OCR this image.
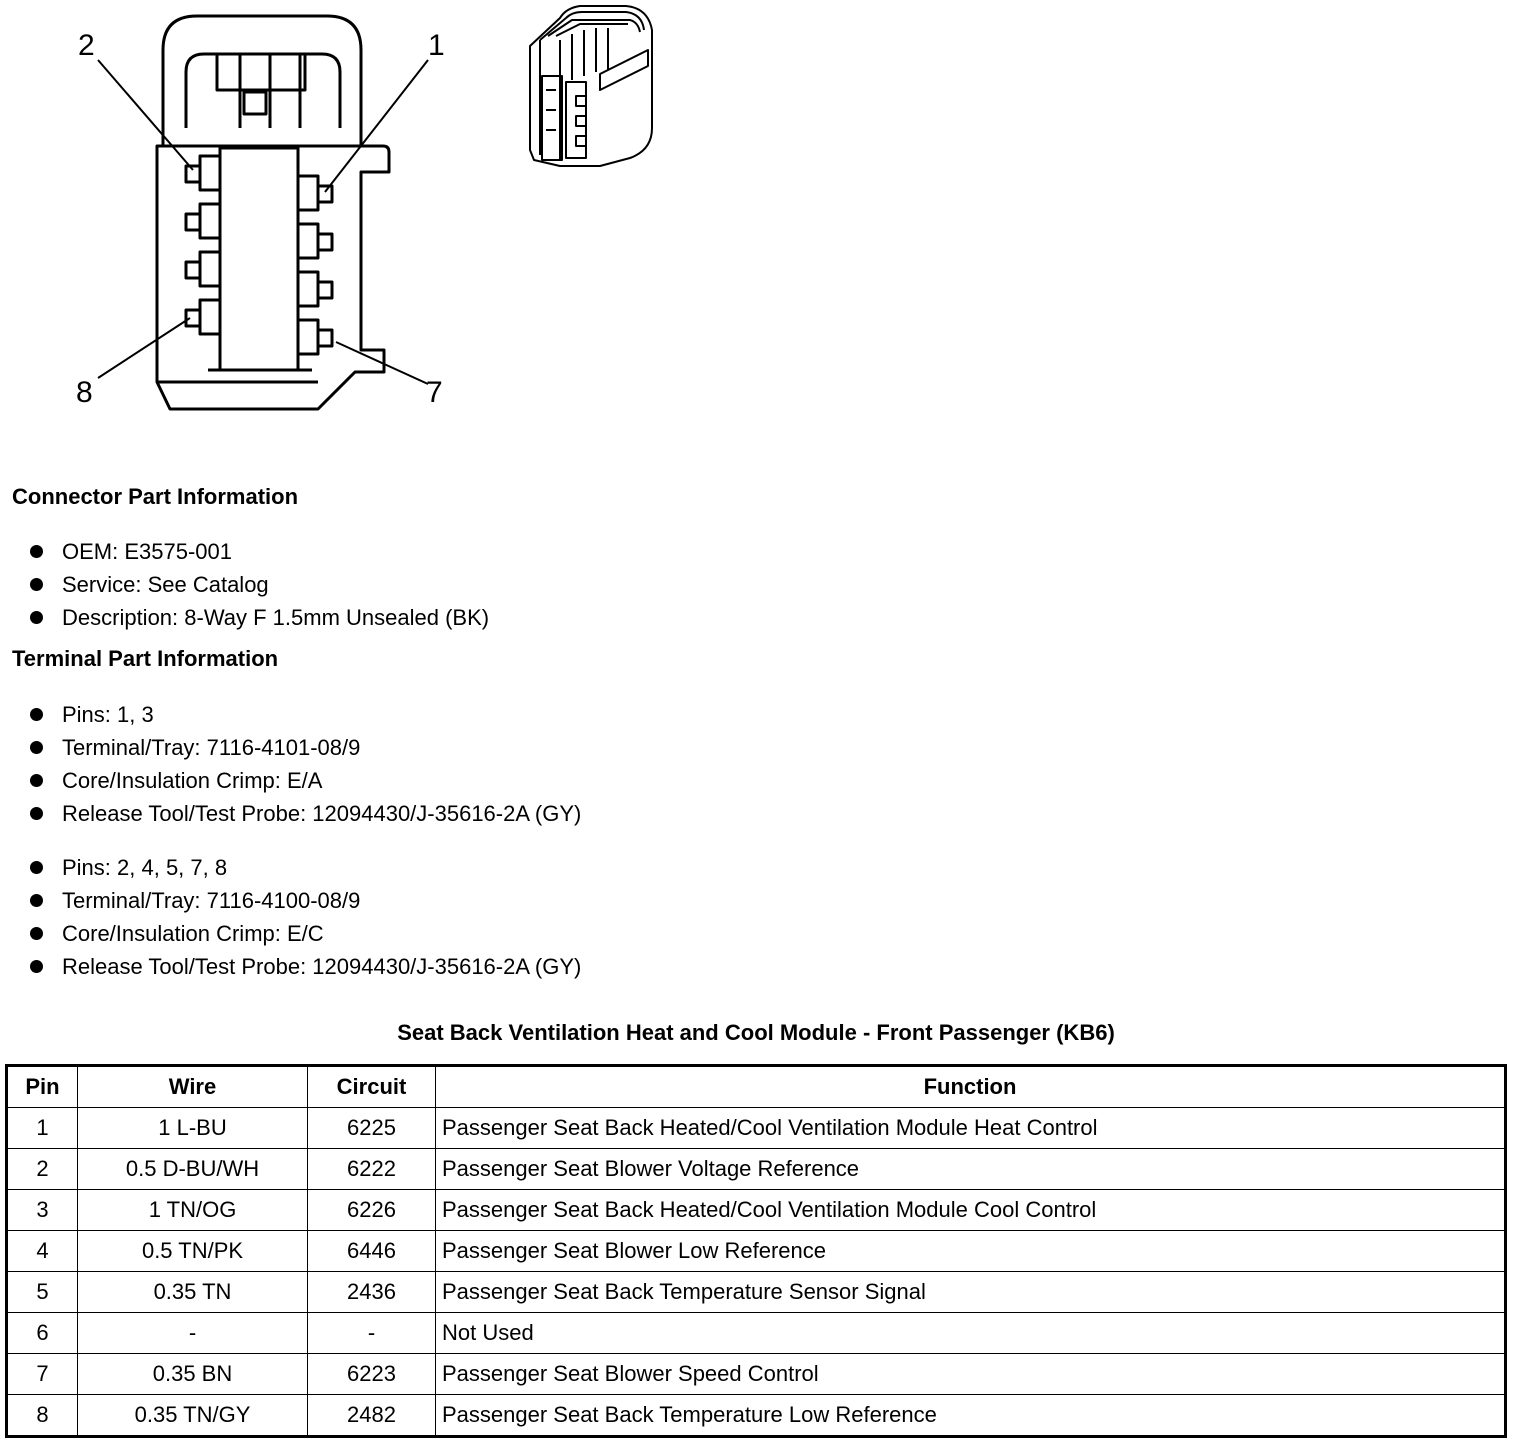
2	1
8	7
Connector Part Information
OEM: E3575-001
Service: See Catalog
Description: 8-Way F 1.5mm Unsealed (BK)
Terminal Part Information
Pins: 1, 3
Terminal/Tray: 7116-4101-08/9
Core/Insulation Crimp: E/A
Release Tool/Test Probe: 12094430/J-35616-2A (GY)
Pins: 2, 4, 5, 7, 8
Terminal/Tray: 7116-4100-08/9
Core/Insulation Crimp: E/C
Release Tool/Test Probe: 12094430/J-35616-2A (GY)
Seat Back Ventilation Heat and Cool Module - Front Passenger (KB6)
Pin	Wire	Circuit	Function
1	1 L-BU	6225	Passenger Seat Back Heated/Cool Ventilation Module Heat Control
2	0.5 D-BU/WH	6222	Passenger Seat Blower Voltage Reference
3	1 TN/OG	6226	Passenger Seat Back Heated/Cool Ventilation Module Cool Control
4	0.5 TN/PK	6446	Passenger Seat Blower Low Reference
5	0.35 TN	2436	Passenger Seat Back Temperature Sensor Signal
6	-	-	Not Used
7	0.35 BN	6223	Passenger Seat Blower Speed Control
8	0.35 TN/GY	2482	Passenger Seat Back Temperature Low Reference
